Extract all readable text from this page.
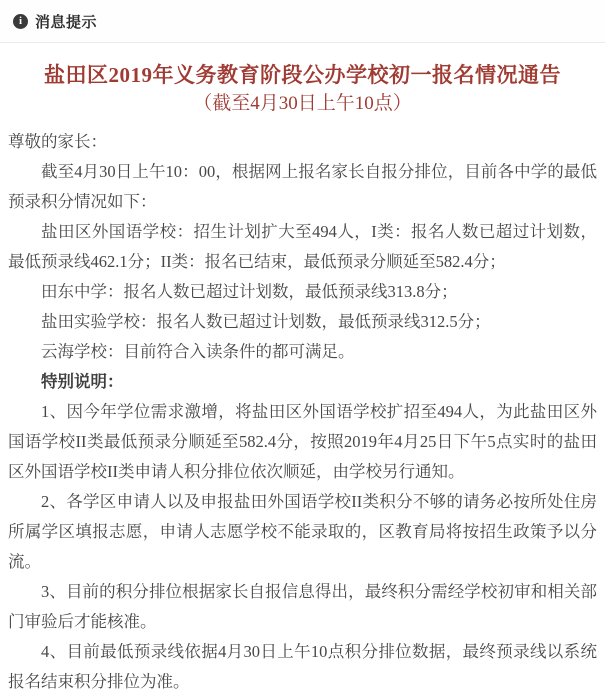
i 消息提示
盐田区2019年义务教育阶段公办学校初一报名情况通告
（截至4月30日上午10点）

尊敬的家长：

截至4月30日上午10：00，根据网上报名家长自报分排位，目前各中学的最低预录积分情况如下：

盐田区外国语学校：招生计划扩大至494人，I类：报名人数已超过计划数，最低预录线462.1分；II类：报名已结束，最低预录分顺延至582.4分；

田东中学：报名人数已超过计划数，最低预录线313.8分；

盐田实验学校：报名人数已超过计划数，最低预录线312.5分；

云海学校：目前符合入读条件的都可满足。

特别说明：

1、因今年学位需求激增，将盐田区外国语学校扩招至494人，为此盐田区外国语学校II类最低预录分顺延至582.4分，按照2019年4月25日下午5点实时的盐田区外国语学校II类申请人积分排位依次顺延，由学校另行通知。

2、各学区申请人以及申报盐田外国语学校II类积分不够的请务必按所处住房所属学区填报志愿，申请人志愿学校不能录取的，区教育局将按招生政策予以分流。

3、目前的积分排位根据家长自报信息得出，最终积分需经学校初审和相关部门审验后才能核准。

4、目前最低预录线依据4月30日上午10点积分排位数据，最终预录线以系统报名结束积分排位为准。
